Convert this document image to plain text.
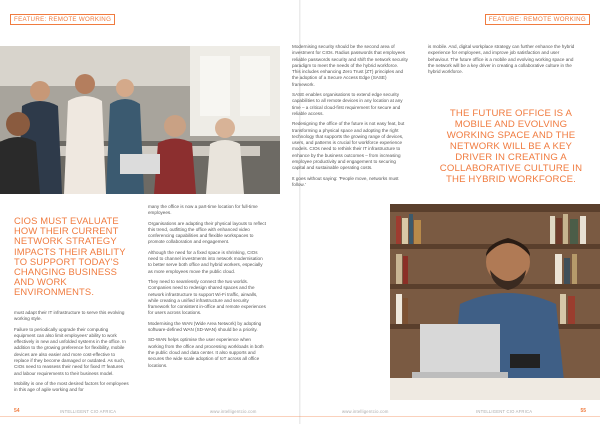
FEATURE: REMOTE WORKING
CIOS MUST EVALUATE HOW THEIR CURRENT NETWORK STRATEGY IMPACTS THEIR ABILITY TO SUPPORT TODAY'S CHANGING BUSINESS AND WORK ENVIRONMENTS.

must adapt their IT infrastructure to serve this evolving working style.

Failure to periodically upgrade their computing equipment can also limit employees' ability to work effectively in new and unfolded systems in the office. In addition to the growing preference for flexibility, mobile devices are also easier and more cost-effective to replace if they become damaged or outdated. As such, CIOs need to reassess their need for fixed IT features and labour requirements to their business model.

Mobility is one of the most desired factors for employees in this age of agile working and for

many the office is now a part-time location for full-time employees.

Organisations are adapting their physical layouts to reflect this trend, outfitting the office with enhanced video conferencing capabilities and flexible workspaces to promote collaboration and engagement.

Although the need for a fixed space is shrinking, CIOs need to channel investments into network modernisation to better serve both office and hybrid workers, especially as more employees move the public cloud.

They need to seamlessly connect the two worlds. Companies need to redesign shared spaces and the network infrastructure to support Wi-Fi traffic, airwalls, while creating a unified infrastructure and security framework for consistent in-office and remote experiences for users across locations.

Modernising the WAN (Wide Area Network) by adopting software-defined WAN (SD-WAN) should be a priority.

SD-WAN helps optimise the user experience when working from the office and processing workloads in both the public cloud and data center. It also supports and secures the wide scale adoption of IoT across all office locations.

FEATURE: REMOTE WORKING

Modernising security should be the second area of investment for CIOs. Radius passwords that employees reliable passwords security and shift the network security paradigm to meet the needs of the hybrid workforce. This includes enhancing Zero Trust (ZT) principles and the adoption of a Secure Access Edge (SASE) framework.

SASE enables organisations to extend edge security capabilities to all remote devices in any location at any time – a critical cloud-first requirement for secure and reliable access.

Redesigning the office of the future is not easy feat, but transforming a physical space and adopting the right technology that supports the growing range of devices, users, and patterns is crucial for workforce experience models. CIOs need to rethink their IT infrastructure to enhance by the business outcomes – from increasing employee productivity and engagement to securing capital and sustainable operating costs.

It goes without saying: 'People move, networks must follow.'

is mobile. And, digital workplace strategy can further enhance the hybrid experience for employees, and improve job satisfaction and user behaviour. The future office is a mobile and evolving working space and the network will be a key driver in creating a collaborative culture in the hybrid workforce.

THE FUTURE OFFICE IS A MOBILE AND EVOLVING WORKING SPACE AND THE NETWORK WILL BE A KEY DRIVER IN CREATING A COLLABORATIVE CULTURE IN THE HYBRID WORKFORCE.
54	INTELLIGENT CIO AFRICA	www.intelligentcio.com	www.intelligentcio.com	INTELLIGENT CIO AFRICA	55
